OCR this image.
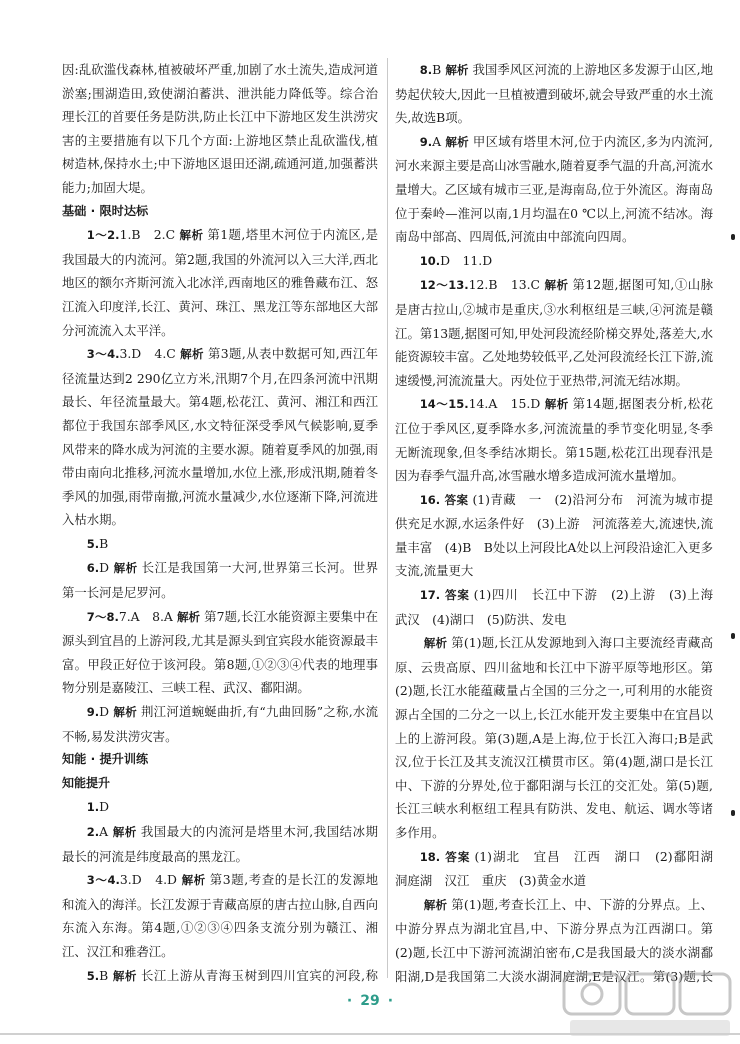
因:乱砍滥伐森林,植被破坏严重,加剧了水土流失,造成河道淤塞;围湖造田,致使湖泊蓄洪、泄洪能力降低等。综合治理长江的首要任务是防洪,防止长江中下游地区发生洪涝灾害的主要措施有以下几个方面:上游地区禁止乱砍滥伐,植树造林,保持水土;中下游地区退田还湖,疏通河道,加强蓄洪能力;加固大堤。
基础 · 限时达标
1～2.1.B　2.C 解析 第1题,塔里木河位于内流区,是我国最大的内流河。第2题,我国的外流河以入三大洋,西北地区的额尔齐斯河流入北冰洋,西南地区的雅鲁藏布江、怒江流入印度洋,长江、黄河、珠江、黑龙江等东部地区大部分河流流入太平洋。
3～4.3.D　4.C 解析 第3题,从表中数据可知,西江年径流量达到2 290亿立方米,汛期7个月,在四条河流中汛期最长、年径流量最大。第4题,松花江、黄河、湘江和西江都位于我国东部季风区,水文特征深受季风气候影响,夏季风带来的降水成为河流的主要水源。随着夏季风的加强,雨带由南向北推移,河流水量增加,水位上涨,形成汛期,随着冬季风的加强,雨带南撤,河流水量减少,水位逐渐下降,河流进入枯水期。
5.B
6.D 解析 长江是我国第一大河,世界第三长河。世界第一长河是尼罗河。
7～8.7.A　8.A 解析 第7题,长江水能资源主要集中在源头到宜昌的上游河段,尤其是源头到宜宾段水能资源最丰富。甲段正好位于该河段。第8题,①②③④代表的地理事物分别是嘉陵江、三峡工程、武汉、鄱阳湖。
9.D 解析 荆江河道蜿蜒曲折,有“九曲回肠”之称,水流不畅,易发洪涝灾害。
知能 · 提升训练
知能提升
1.D
2.A 解析 我国最大的内流河是塔里木河,我国结冰期最长的河流是纬度最高的黑龙江。
3～4.3.D　4.D 解析 第3题,考查的是长江的发源地和流入的海洋。长江发源于青藏高原的唐古拉山脉,自西向东流入东海。第4题,①②③④四条支流分别为赣江、湘江、汉江和雅砻江。
5.B 解析 长江上游从青海玉树到四川宜宾的河段,称
8.B 解析 我国季风区河流的上游地区多发源于山区,地势起伏较大,因此一旦植被遭到破坏,就会导致严重的水土流失,故选B项。
9.A 解析 甲区域有塔里木河,位于内流区,多为内流河,河水来源主要是高山冰雪融水,随着夏季气温的升高,河流水量增大。乙区域有城市三亚,是海南岛,位于外流区。海南岛位于秦岭—淮河以南,1月均温在0 ℃以上,河流不结冰。海南岛中部高、四周低,河流由中部流向四周。
10.D　11.D
12～13.12.B　13.C 解析 第12题,据图可知,①山脉是唐古拉山,②城市是重庆,③水利枢纽是三峡,④河流是赣江。第13题,据图可知,甲处河段流经阶梯交界处,落差大,水能资源较丰富。乙处地势较低平,乙处河段流经长江下游,流速缓慢,河流流量大。丙处位于亚热带,河流无结冰期。
14～15.14.A　15.D 解析 第14题,据图表分析,松花江位于季风区,夏季降水多,河流流量的季节变化明显,冬季无断流现象,但冬季结冰期长。第15题,松花江出现春汛是因为春季气温升高,冰雪融水增多造成河流水量增加。
16. 答案 (1)青藏　一　(2)沿河分布　河流为城市提供充足水源,水运条件好　(3)上游　河流落差大,流速快,流量丰富　(4)B　B处以上河段比A处以上河段沿途汇入更多支流,流量更大
17. 答案 (1)四川　长江中下游　(2)上游　(3)上海　武汉　(4)湖口　(5)防洪、发电
解析 第(1)题,长江从发源地到入海口主要流经青藏高原、云贵高原、四川盆地和长江中下游平原等地形区。第(2)题,长江水能蕴藏量占全国的三分之一,可利用的水能资源占全国的二分之一以上,长江水能开发主要集中在宜昌以上的上游河段。第(3)题,A是上海,位于长江入海口;B是武汉,位于长江及其支流汉江横贯市区。第(4)题,湖口是长江中、下游的分界处,位于鄱阳湖与长江的交汇处。第(5)题,长江三峡水利枢纽工程具有防洪、发电、航运、调水等诸多作用。
18. 答案 (1)湖北　宜昌　江西　湖口　(2)鄱阳湖　洞庭湖　汉江　重庆　(3)黄金水道
解析 第(1)题,考查长江上、中、下游的分界点。上、中游分界点为湖北宜昌,中、下游分界点为江西湖口。第(2)题,长江中下游河流湖泊密布,C是我国最大的淡水湖鄱阳湖,D是我国第二大淡水湖洞庭湖,E是汉江。第(3)题,长
· 29 ·
